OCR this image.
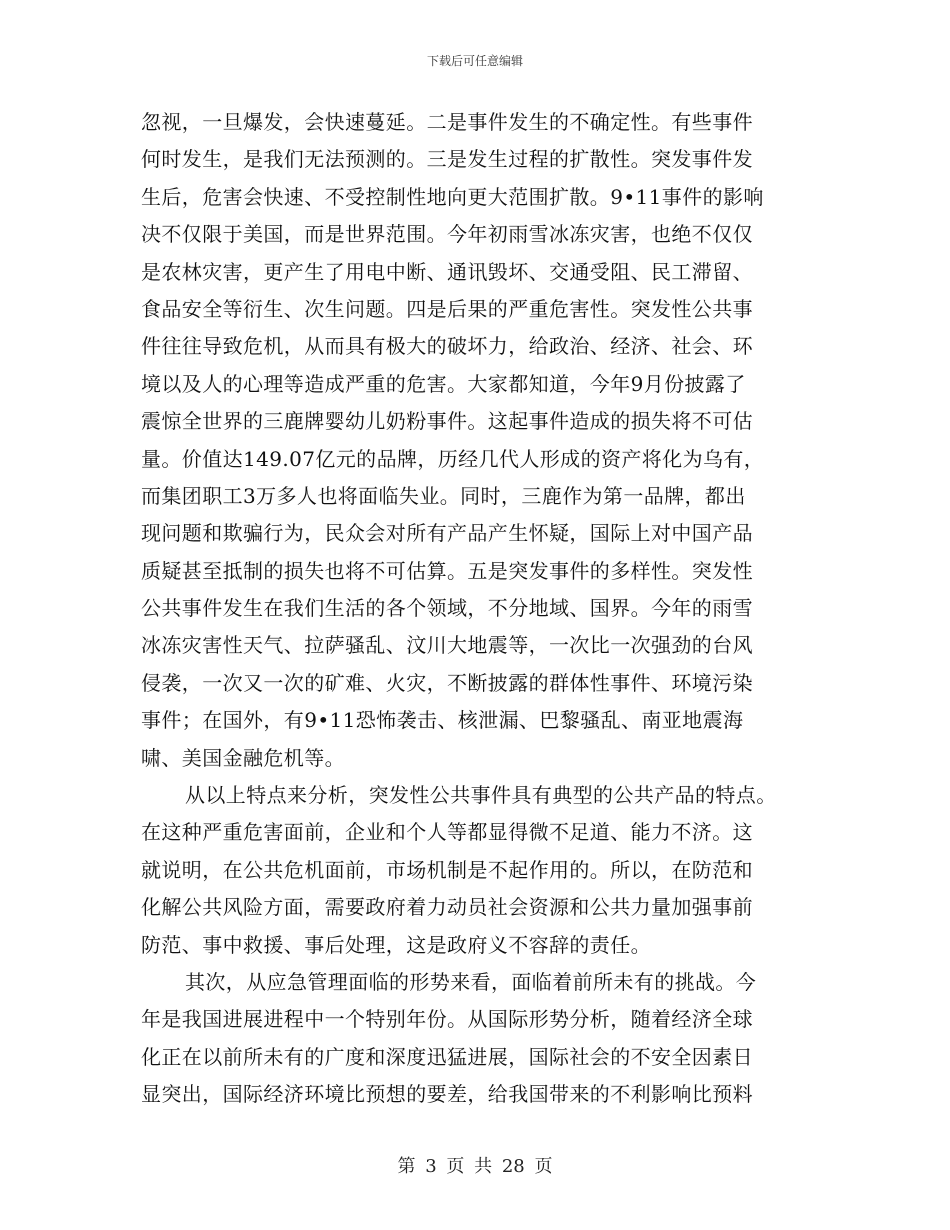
下载后可任意编辑
忽视，一旦爆发，会快速蔓延。二是事件发生的不确定性。有些事件
何时发生，是我们无法预测的。三是发生过程的扩散性。突发事件发
生后，危害会快速、不受控制性地向更大范围扩散。9•11事件的影响
决不仅限于美国，而是世界范围。今年初雨雪冰冻灾害，也绝不仅仅
是农林灾害，更产生了用电中断、通讯毁坏、交通受阻、民工滞留、
食品安全等衍生、次生问题。四是后果的严重危害性。突发性公共事
件往往导致危机，从而具有极大的破坏力，给政治、经济、社会、环
境以及人的心理等造成严重的危害。大家都知道，今年9月份披露了
震惊全世界的三鹿牌婴幼儿奶粉事件。这起事件造成的损失将不可估
量。价值达149.07亿元的品牌，历经几代人形成的资产将化为乌有，
而集团职工3万多人也将面临失业。同时，三鹿作为第一品牌，都出
现问题和欺骗行为，民众会对所有产品产生怀疑，国际上对中国产品
质疑甚至抵制的损失也将不可估算。五是突发事件的多样性。突发性
公共事件发生在我们生活的各个领域，不分地域、国界。今年的雨雪
冰冻灾害性天气、拉萨骚乱、汶川大地震等，一次比一次强劲的台风
侵袭，一次又一次的矿难、火灾，不断披露的群体性事件、环境污染
事件；在国外，有9•11恐怖袭击、核泄漏、巴黎骚乱、南亚地震海
啸、美国金融危机等。
从以上特点来分析，突发性公共事件具有典型的公共产品的特点。
在这种严重危害面前，企业和个人等都显得微不足道、能力不济。这
就说明，在公共危机面前，市场机制是不起作用的。所以，在防范和
化解公共风险方面，需要政府着力动员社会资源和公共力量加强事前
防范、事中救援、事后处理，这是政府义不容辞的责任。
其次，从应急管理面临的形势来看，面临着前所未有的挑战。今
年是我国进展进程中一个特别年份。从国际形势分析，随着经济全球
化正在以前所未有的广度和深度迅猛进展，国际社会的不安全因素日
显突出，国际经济环境比预想的要差，给我国带来的不利影响比预料
第 3 页 共 28 页
